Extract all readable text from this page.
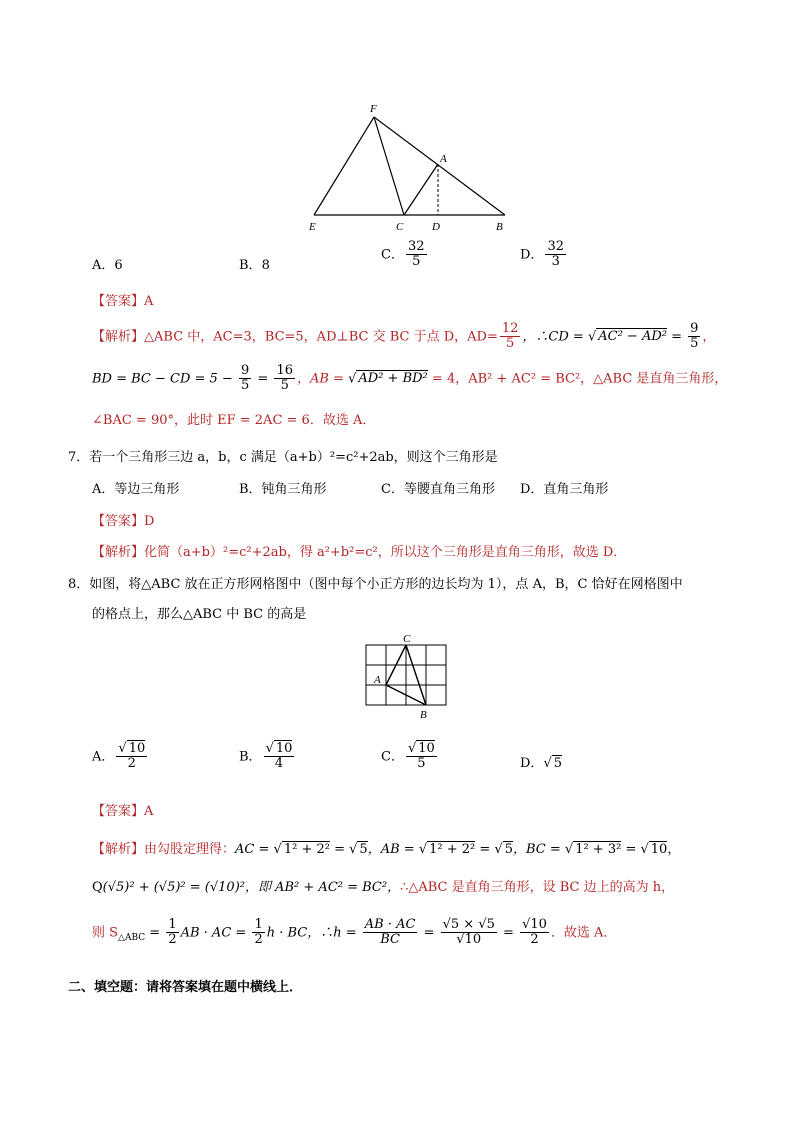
F
A
E	C	D	B
A．6	B．8
C． $\frac{32}{5}$	D． $\frac{32}{3}$
【答案】A
【解析】△ABC 中，AC=3，BC=5，AD⊥BC 交 BC 于点 D，$AD= \frac{12}{5}$ ，∴CD = √ $AC^2 - AD^2 = \frac{9}{5}$ ，
BD = BC − CD = $5 - \frac{9}{5} = \frac{16}{5}$ ，AB = √ AD² + BD² = 4，AB² + AC² = BC²，△ABC 是直角三角形，
∠BAC = 90°，此时 EF = 2AC = 6．故选 A．
7．若一个三角形三边 a，b，c 满足（a+b）²=c²+2ab，则这个三角形是
A．等边三角形	B．钝角三角形	C．等腰直角三角形 D．直角三角形
【答案】D
【解析】化简（a+b）²=c²+2ab，得 a²+b²=c²，所以这个三角形是直角三角形，故选 D．
8．如图，将△ABC 放在正方形网格图中（图中每个小正方形的边长均为 1），点 A，B，C 恰好在网格图中
的格点上，那么△ABC 中 BC 的高是
C
A
B
A． $\frac{√ 10}{2}$	B． $\frac{√ 10}{4}$	C． $\frac{√ 10}{5}$	D．√ 5
【答案】A
【解析】由勾股定理得：AC = √ 1² + 2² = √ 5，AB = √ 1² + 2² = √ 5，BC = √ 1² + 3² = √ 10，
Q(√5)² + (√5)² = (√10)²，即 AB² + AC² = BC²，∴△ABC 是直角三角形，设 BC 边上的高为 h，
则 $S_{\triangle ABC} = \frac{1}{2}$ AB · AC = $\frac{1}{2}$ h · BC，∴h = $\frac{AB \cdot AC}{BC} = \frac{√5 \times √5}{√10} = \frac{√10}{2}$ ．故选 A．
二、填空题：请将答案填在题中横线上．
